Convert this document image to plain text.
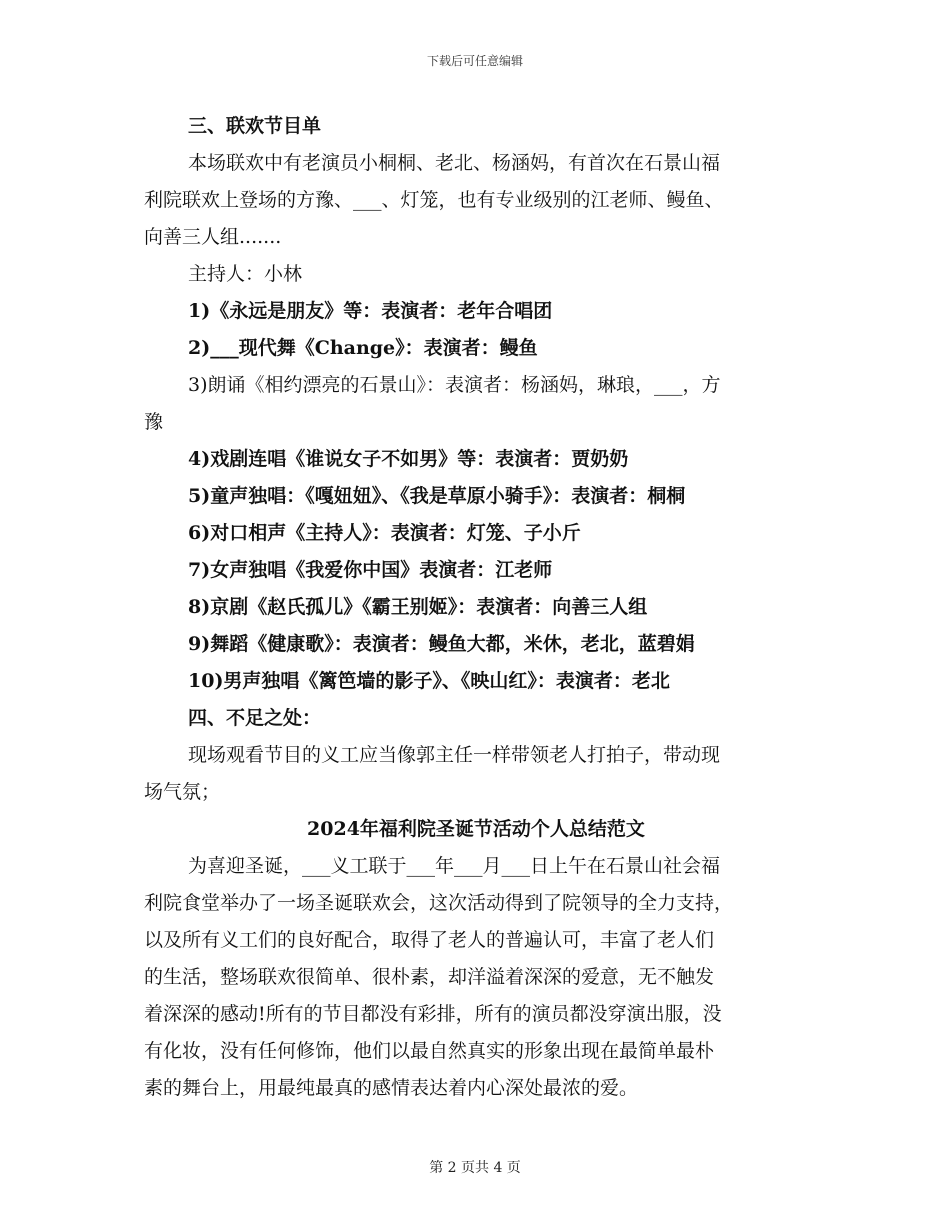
下载后可任意编辑
三、联欢节目单
本场联欢中有老演员小桐桐、老北、杨涵妈，有首次在石景山福
利院联欢上登场的方豫、___、灯笼，也有专业级别的江老师、鳗鱼、
向善三人组.......
主持人：小林
1)《永远是朋友》等：表演者：老年合唱团
2)___现代舞《Change》：表演者：鳗鱼
3)朗诵《相约漂亮的石景山》：表演者：杨涵妈，琳琅，___，方
豫
4)戏剧连唱《谁说女子不如男》等：表演者：贾奶奶
5)童声独唱：《嘎妞妞》、《我是草原小骑手》：表演者：桐桐
6)对口相声《主持人》：表演者：灯笼、子小斤
7)女声独唱《我爱你中国》表演者：江老师
8)京剧《赵氏孤儿》《霸王别姬》：表演者：向善三人组
9)舞蹈《健康歌》：表演者：鳗鱼大都，米休，老北，蓝碧娟
10)男声独唱《篱笆墙的影子》、《映山红》：表演者：老北
四、不足之处：
现场观看节目的义工应当像郭主任一样带领老人打拍子，带动现
场气氛；
2024年福利院圣诞节活动个人总结范文
为喜迎圣诞，___义工联于___年___月___日上午在石景山社会福
利院食堂举办了一场圣诞联欢会，这次活动得到了院领导的全力支持，
以及所有义工们的良好配合，取得了老人的普遍认可，丰富了老人们
的生活，整场联欢很简单、很朴素，却洋溢着深深的爱意，无不触发
着深深的感动!所有的节目都没有彩排，所有的演员都没穿演出服，没
有化妆，没有任何修饰，他们以最自然真实的形象出现在最简单最朴
素的舞台上，用最纯最真的感情表达着内心深处最浓的爱。
第 2 页共 4 页
